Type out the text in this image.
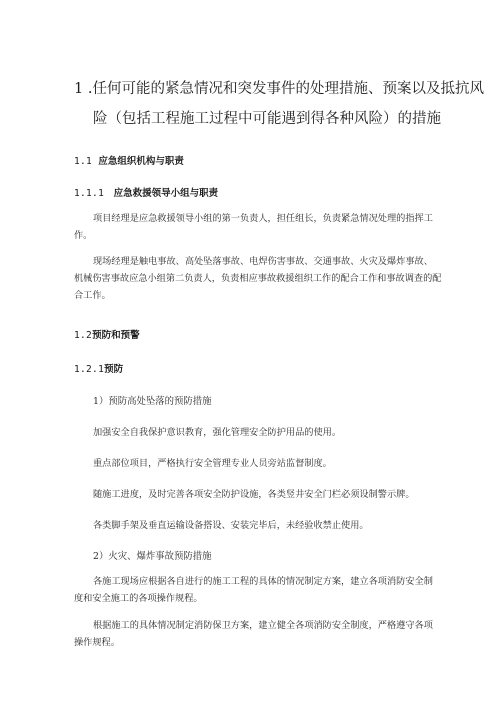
1 .任何可能的紧急情况和突发事件的处理措施、预案以及抵抗风
险（包括工程施工过程中可能遇到得各种风险）的措施
1.1 应急组织机构与职责
1.1.1 应急救援领导小组与职责
项目经理是应急救援领导小组的第一负责人，担任组长，负责紧急情况处理的指挥工作。
现场经理是触电事故、高处坠落事故、电焊伤害事故、交通事故、火灾及爆炸事故、机械伤害事故应急小组第二负责人，负责相应事故救援组织工作的配合工作和事故调查的配合工作。
1.2预防和预警
1.2.1预防
1）预防高处坠落的预防措施
加强安全自我保护意识教育，强化管理安全防护用品的使用。
重点部位项目，严格执行安全管理专业人员旁站监督制度。
随施工进度，及时完善各项安全防护设施，各类竖井安全门栏必须设制警示牌。
各类脚手架及垂直运输设备搭设、安装完毕后，未经验收禁止使用。
2）火灾、爆炸事故预防措施
各施工现场应根据各自进行的施工工程的具体的情况制定方案，建立各项消防安全制度和安全施工的各项操作规程。
根据施工的具体情况制定消防保卫方案，建立健全各项消防安全制度，严格遵守各项操作规程。
